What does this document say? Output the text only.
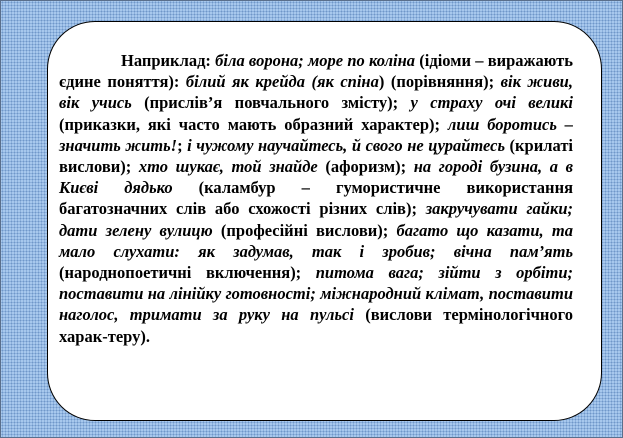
Наприклад: біла ворона; море по коліна (ідіоми – виражають єдине поняття): білий як крейда (як спіна) (порівняння); вік живи, вік учись (прислів’я повчального змісту); у страху очі великі (приказки, які часто мають образний характер); лиш боротись – значить жить!; і чужому научайтесь, й свого не цурайтесь (крилаті вислови); хто шукає, той знайде (афоризм); на городі бузина, а в Києві дядько (каламбур – гумористичне використання багатозначних слів або схожості різних слів); закручувати гайки; дати зелену вулицю (професійні вислови); багато що казати, та мало слухати: як задумав, так і зробив; вічна пам’ять (народнопоетичні включення); питома вага; зійти з орбіти; поставити на лінійку готовності; міжнародний клімат, поставити наголос, тримати за руку на пульсі (вислови термінологічного харак-теру).
